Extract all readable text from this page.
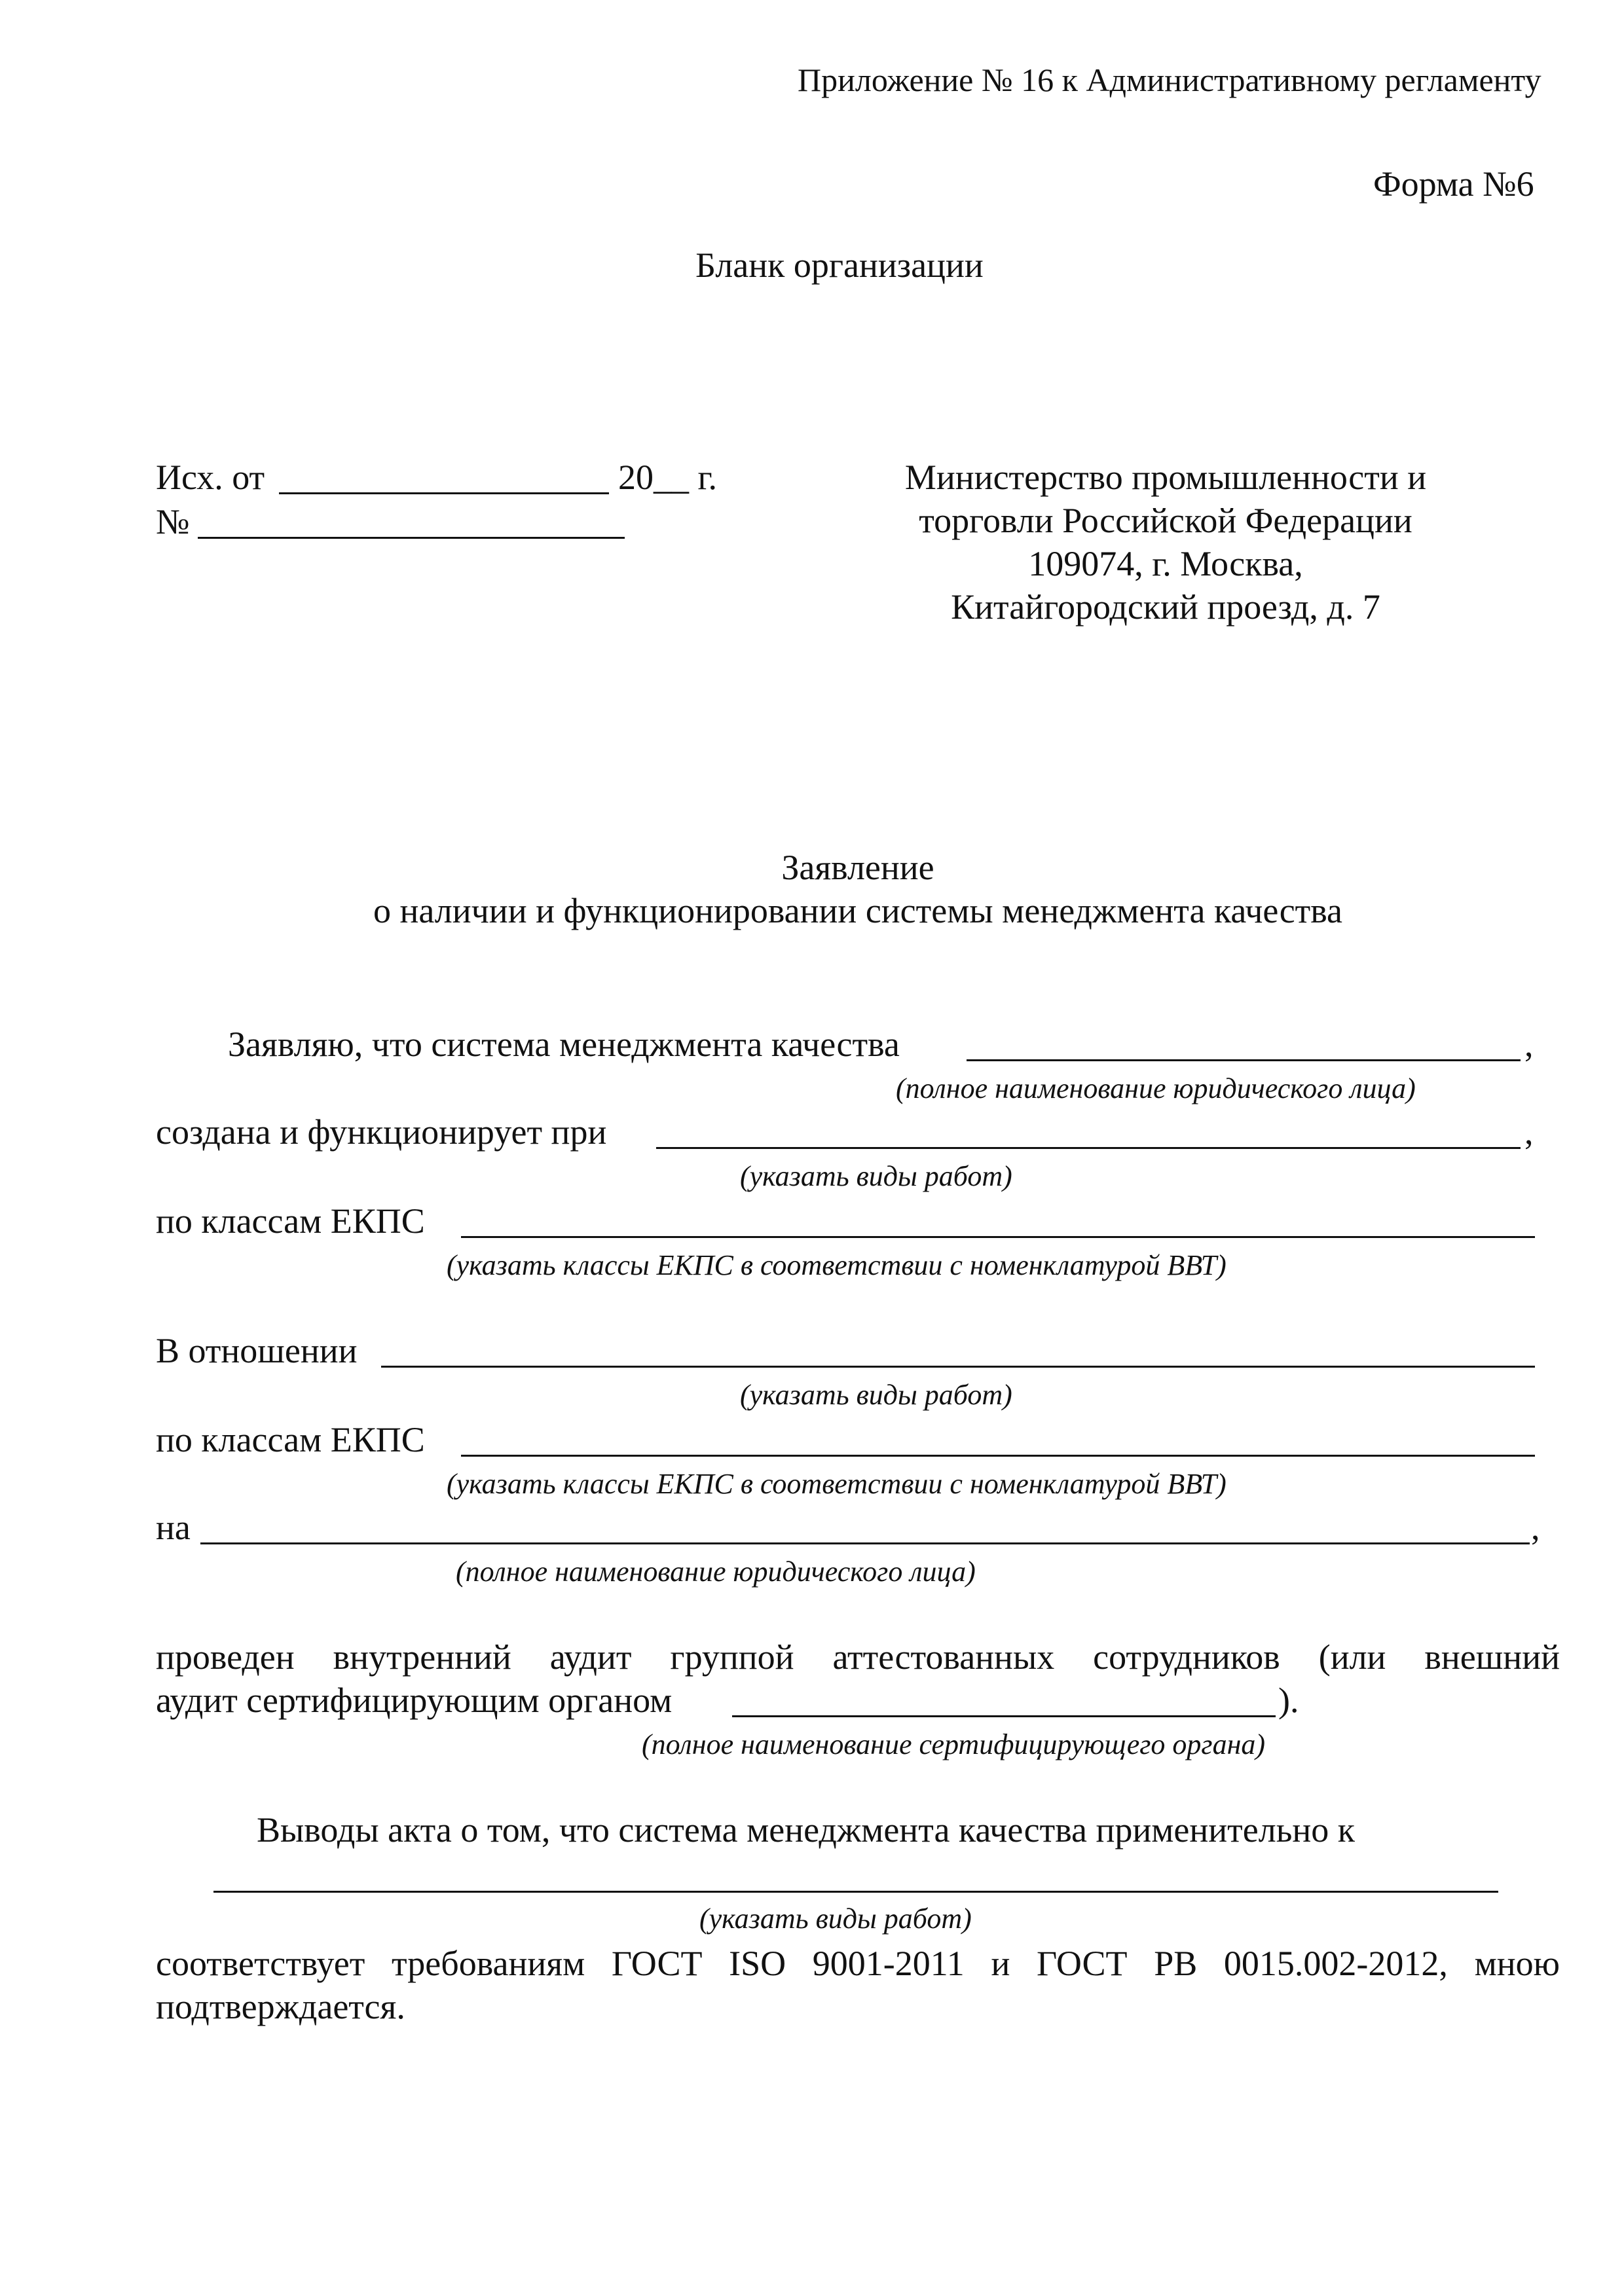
Приложение № 16 к Административному регламенту
Форма №6
Бланк организации
Исх. от	20__ г.
№
Министерство промышленности и
торговли Российской Федерации
109074, г. Москва,
Китайгородский проезд, д. 7
Заявление
о наличии и функционировании системы менеджмента качества
Заявляю, что система менеджмента качества	,
(полное наименование юридического лица)
создана и функционирует при	,
(указать виды работ)
по классам ЕКПС
(указать классы ЕКПС в соответствии с номенклатурой ВВТ)
В отношении
(указать виды работ)
по классам ЕКПС
(указать классы ЕКПС в соответствии с номенклатурой ВВТ)
на	,
(полное наименование юридического лица)
проведен внутренний аудит группой аттестованных сотрудников (или внешний
аудит сертифицирующим органом	).
(полное наименование сертифицирующего органа)
Выводы акта о том, что система менеджмента качества применительно к
(указать виды работ)
соответствует требованиям ГОСТ ISO 9001-2011 и ГОСТ РВ 0015.002-2012, мною
подтверждается.
